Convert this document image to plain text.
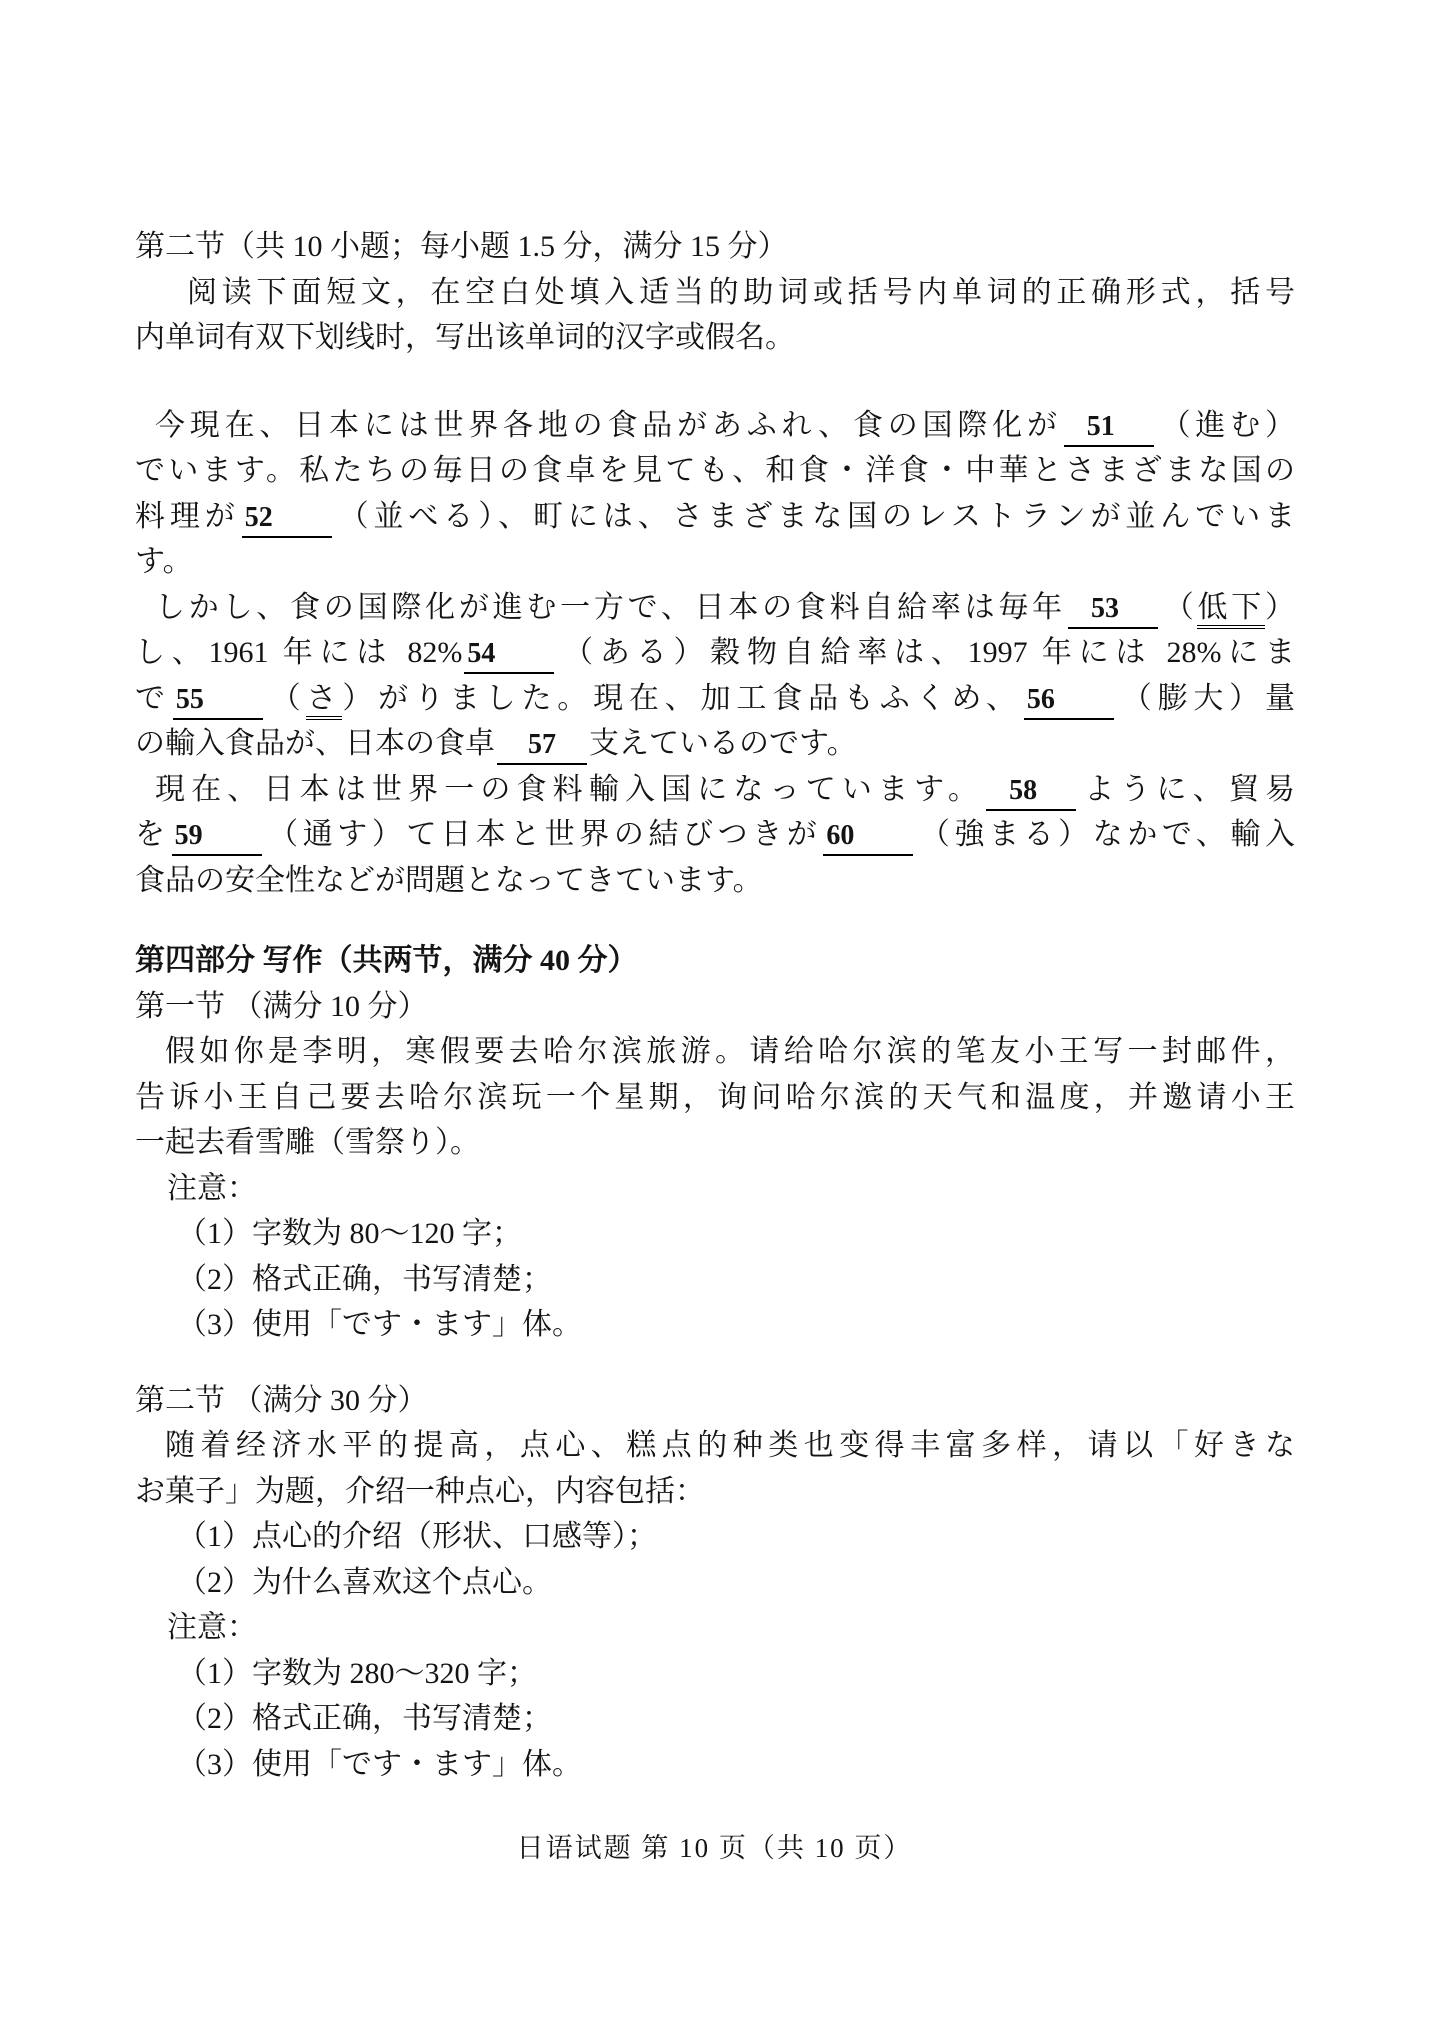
第二节（共 10 小题；每小题 1.5 分，满分 15 分）
阅读下面短文，在空白处填入适当的助词或括号内单词的正确形式，括号
内单词有双下划线时，写出该单词的汉字或假名。
今現在、日本には世界各地の食品があふれ、食の国際化が 51 （進む）
でいます。私たちの毎日の食卓を見ても、和食・洋食・中華とさまざまな国の
料理が 52 （並べる）、町には、さまざまな国のレストランが並んでいま
す。
しかし、食の国際化が進む一方で、日本の食料自給率は毎年 53 （低下）
し、1961 年には 82% 54 （ある）穀物自給率は、1997 年には 28%にま
で 55 （さ）がりました。現在、加工食品もふくめ、 56 （膨大）量
の輸入食品が、日本の食卓 57 支えているのです。
現在、日本は世界一の食料輸入国になっています。 58 ように、貿易
を 59 （通す）て日本と世界の結びつきが 60 （強まる）なかで、輸入
食品の安全性などが問題となってきています。
第四部分 写作（共两节，满分 40 分）
第一节 （满分 10 分）
假如你是李明，寒假要去哈尔滨旅游。请给哈尔滨的笔友小王写一封邮件，
告诉小王自己要去哈尔滨玩一个星期，询问哈尔滨的天气和温度，并邀请小王
一起去看雪雕（雪祭り）。
注意：
（1）字数为 80～120 字；
（2）格式正确，书写清楚；
（3）使用「です・ます」体。
第二节 （满分 30 分）
随着经济水平的提高，点心、糕点的种类也变得丰富多样，请以「好きな
お菓子」为题，介绍一种点心，内容包括：
（1）点心的介绍（形状、口感等）；
（2）为什么喜欢这个点心。
注意：
（1）字数为 280～320 字；
（2）格式正确，书写清楚；
（3）使用「です・ます」体。
日语试题 第 10 页（共 10 页）
